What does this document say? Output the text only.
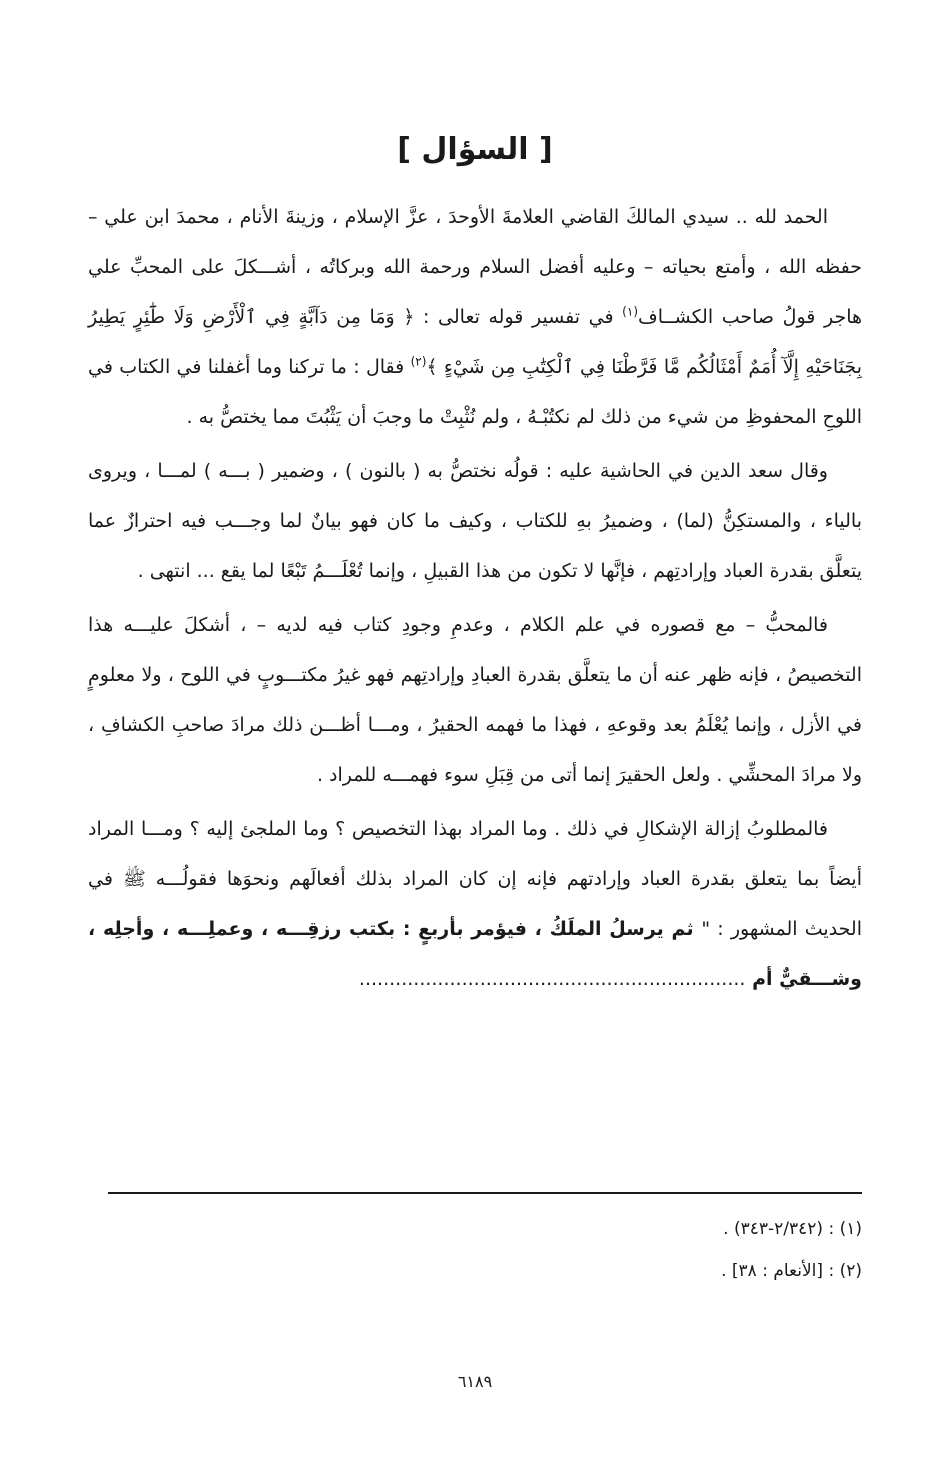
[ السؤال ]

الحمد لله .. سيدي المالكَ القاضي العلامةَ الأوحدَ ، عزَّ الإسلام ، وزينةَ الأنام ، محمدَ ابن علي – حفظه الله ، وأمتع بحياته – وعليه أفضل السلام ورحمة الله وبركاتُه ، أشـــكلَ على المحبِّ علي هاجر قولُ صاحب الكشــاف$^{(١)}$ في تفسير قوله تعالى : ﴿ وَمَا مِن دَآبَّةٍ فِي ٱلْأَرْضِ وَلَا طَٰٓئِرٍ يَطِيرُ بِجَنَاحَيْهِ إِلَّآ أُمَمٌ أَمْثَالُكُم مَّا فَرَّطْنَا فِي ٱلْكِتَٰبِ مِن شَيْءٍ ﴾$^{(٢)}$ فقال : ما تركنا وما أغفلنا في الكتاب في اللوحِ المحفوظِ من شيء من ذلك لم نكتُبْـهُ ، ولم نُثْبِتْ ما وجبَ أن يَثْبُتَ مما يختصُّ به .

وقال سعد الدين في الحاشية عليه : قولُه نختصُّ به ( بالنون ) ، وضمير ( بـــه ) لمـــا ، ويروى بالياء ، والمستكِنُّ (لما) ، وضميرُ بهِ للكتاب ، وكيف ما كان فهو بيانٌ لما وجـــب فيه احترازٌ عما يتعلَّق بقدرة العباد وإرادتِهم ، فإنَّها لا تكون من هذا القبيلِ ، وإنما تُعْلَـــمُ تَبْعًا لما يقع ... انتهى .

فالمحبُّ – مع قصوره في علم الكلام ، وعدمِ وجودِ كتاب فيه لديه – ، أشكلَ عليـــه هذا التخصيصُ ، فإنه ظهر عنه أن ما يتعلَّق بقدرة العبادِ وإرادتِهم فهو غيرُ مكتـــوبٍ في اللوح ، ولا معلومٍ في الأزل ، وإنما يُعْلَمُ بعد وقوعهِ ، فهذا ما فهمه الحقيرُ ، ومـــا أظـــن ذلك مرادَ صاحبِ الكشافِ ، ولا مرادَ المحشِّي . ولعل الحقيرَ إنما أتى من قِبَلِ سوء فهمـــه للمراد .

فالمطلوبُ إزالة الإشكالِ في ذلك . وما المراد بهذا التخصيص ؟ وما الملجئ إليه ؟ ومـــا المراد أيضاً بما يتعلق بقدرة العباد وإرادتهم فإنه إن كان المراد بذلك أفعالَهم ونحوَها فقولُـــه ﷺ في الحديث المشهور : " ثم يرسلُ الملَكُ ، فيؤمر بأربعٍ : بكتب رزقِـــه ، وعملِـــه ، وأجلِه ، وشـــقيٌّ أم ................................................................

(١) : (٢/٣٤٢-٣٤٣) .

(٢) : [الأنعام : ٣٨] .

٦١٨٩
